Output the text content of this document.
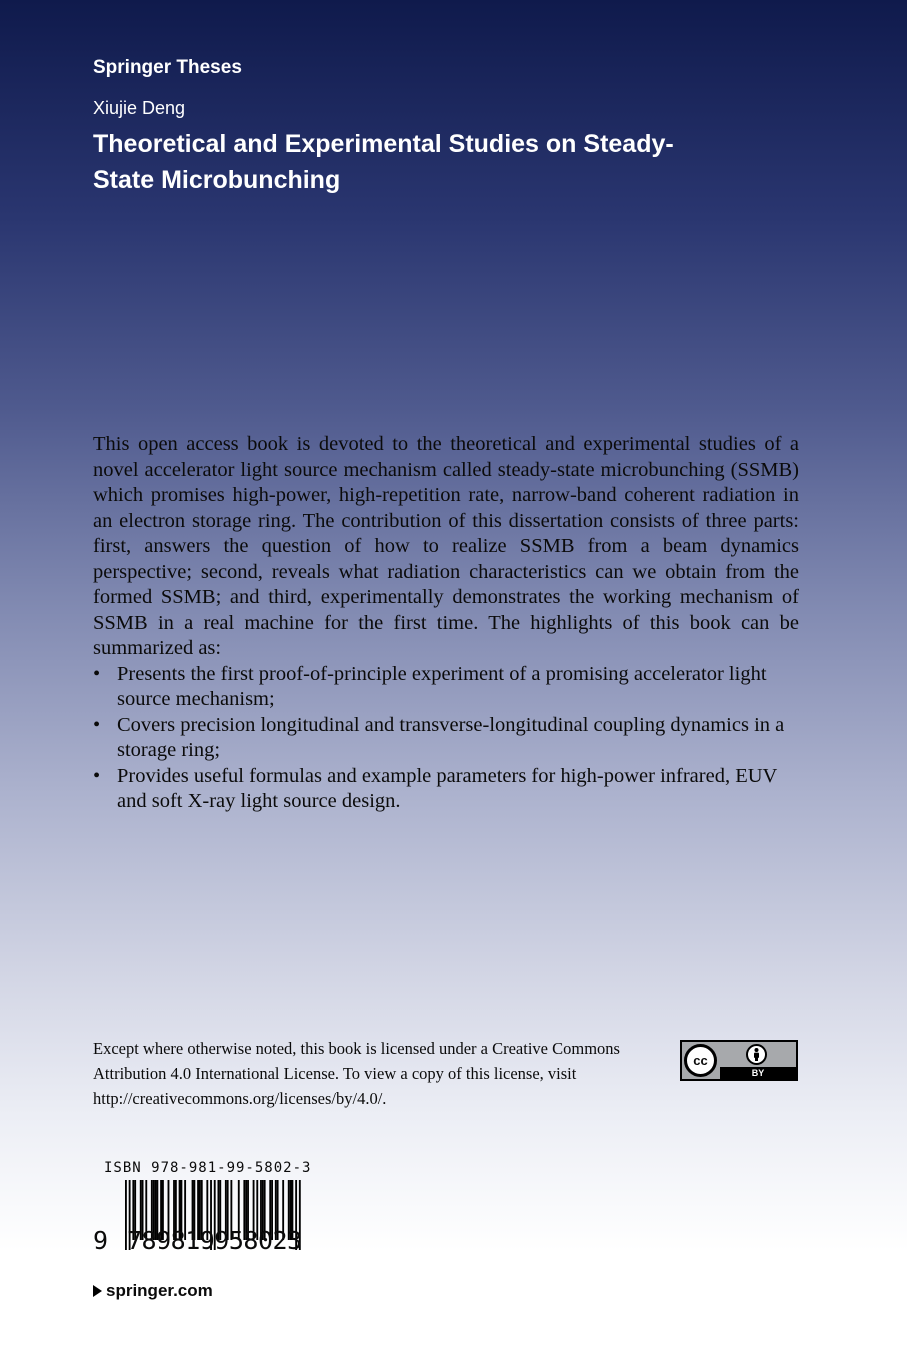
Springer Theses
Xiujie Deng
Theoretical and Experimental Studies on Steady-State Microbunching

This open access book is devoted to the theoretical and experimental studies of a novel accelerator light source mechanism called steady-state microbunching (SSMB) which promises high-power, high-repetition rate, narrow-band coherent radiation in an electron storage ring. The contribution of this dissertation consists of three parts: first, answers the question of how to realize SSMB from a beam dynamics perspective; second, reveals what radiation characteristics can we obtain from the formed SSMB; and third, experimentally demonstrates the working mechanism of SSMB in a real machine for the first time. The highlights of this book can be summarized as:

• Presents the first proof-of-principle experiment of a promising accelerator light source mechanism;
• Covers precision longitudinal and transverse-longitudinal coupling dynamics in a storage ring;
• Provides useful formulas and example parameters for high-power infrared, EUV and soft X-ray light source design.
Except where otherwise noted, this book is licensed under a Creative Commons Attribution 4.0 International License. To view a copy of this license, visit http://creativecommons.org/licenses/by/4.0/.
cc
BY
ISBN 978-981-99-5802-3
9 789819958023
springer.com
